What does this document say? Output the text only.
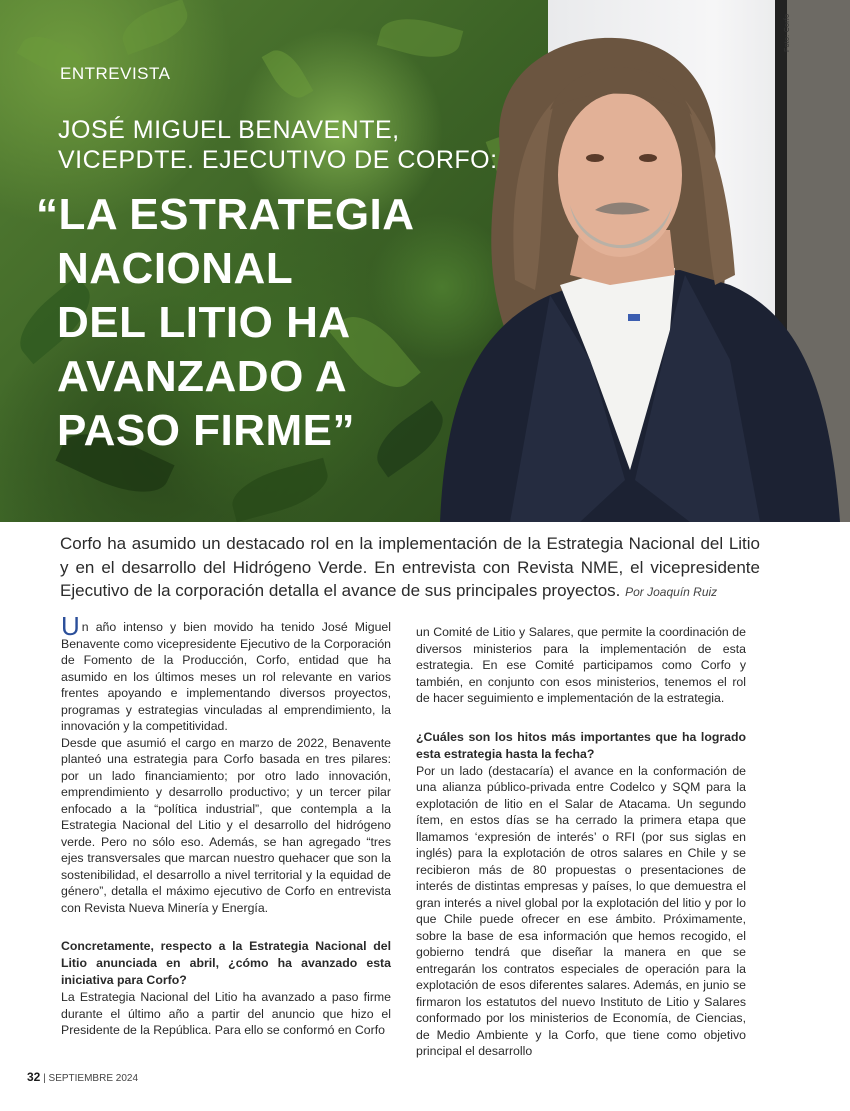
Foto: Corfo
ENTREVISTA
JOSÉ MIGUEL BENAVENTE,
VICEPDTE. EJECUTIVO DE CORFO:
“LA ESTRATEGIA
NACIONAL
DEL LITIO HA
AVANZADO A
PASO FIRME”
Corfo ha asumido un destacado rol en la implementación de la Estrategia Nacional del Litio y en el desarrollo del Hidrógeno Verde. En entrevista con Revista NME, el vicepresidente Ejecutivo de la corporación detalla el avance de sus principales proyectos. Por Joaquín Ruiz

Un año intenso y bien movido ha tenido José Miguel Benavente como vicepresidente Ejecutivo de la Corporación de Fomento de la Producción, Corfo, entidad que ha asumido en los últimos meses un rol relevante en varios frentes apoyando e implementando diversos proyectos, programas y estrategias vinculadas al emprendimiento, la innovación y la competitividad.

Desde que asumió el cargo en marzo de 2022, Benavente planteó una estrategia para Corfo basada en tres pilares: por un lado financiamiento; por otro lado innovación, emprendimiento y desarrollo productivo; y un tercer pilar enfocado a la “política industrial”, que contempla a la Estrategia Nacional del Litio y el desarrollo del hidrógeno verde. Pero no sólo eso. Además, se han agregado “tres ejes transversales que marcan nuestro quehacer que son la sostenibilidad, el desarrollo a nivel territorial y la equidad de género”, detalla el máximo ejecutivo de Corfo en entrevista con Revista Nueva Minería y Energía.

Concretamente, respecto a la Estrategia Nacional del Litio anunciada en abril, ¿cómo ha avanzado esta iniciativa para Corfo?

La Estrategia Nacional del Litio ha avanzado a paso firme durante el último año a partir del anuncio que hizo el Presidente de la República. Para ello se conformó en Corfo

un Comité de Litio y Salares, que permite la coordinación de diversos ministerios para la implementación de esta estrategia. En ese Comité participamos como Corfo y también, en conjunto con esos ministerios, tenemos el rol de hacer seguimiento e implementación de la estrategia.

¿Cuáles son los hitos más importantes que ha logrado esta estrategia hasta la fecha?

Por un lado (destacaría) el avance en la conformación de una alianza público-privada entre Codelco y SQM para la explotación de litio en el Salar de Atacama. Un segundo ítem, en estos días se ha cerrado la primera etapa que llamamos ‘expresión de interés’ o RFI (por sus siglas en inglés) para la explotación de otros salares en Chile y se recibieron más de 80 propuestas o presentaciones de interés de distintas empresas y países, lo que demuestra el gran interés a nivel global por la explotación del litio y por lo que Chile puede ofrecer en ese ámbito. Próximamente, sobre la base de esa información que hemos recogido, el gobierno tendrá que diseñar la manera en que se entregarán los contratos especiales de operación para la explotación de esos diferentes salares. Además, en junio se firmaron los estatutos del nuevo Instituto de Litio y Salares conformado por los ministerios de Economía, de Ciencias, de Medio Ambiente y la Corfo, que tiene como objetivo principal el desarrollo

32 | SEPTIEMBRE 2024
